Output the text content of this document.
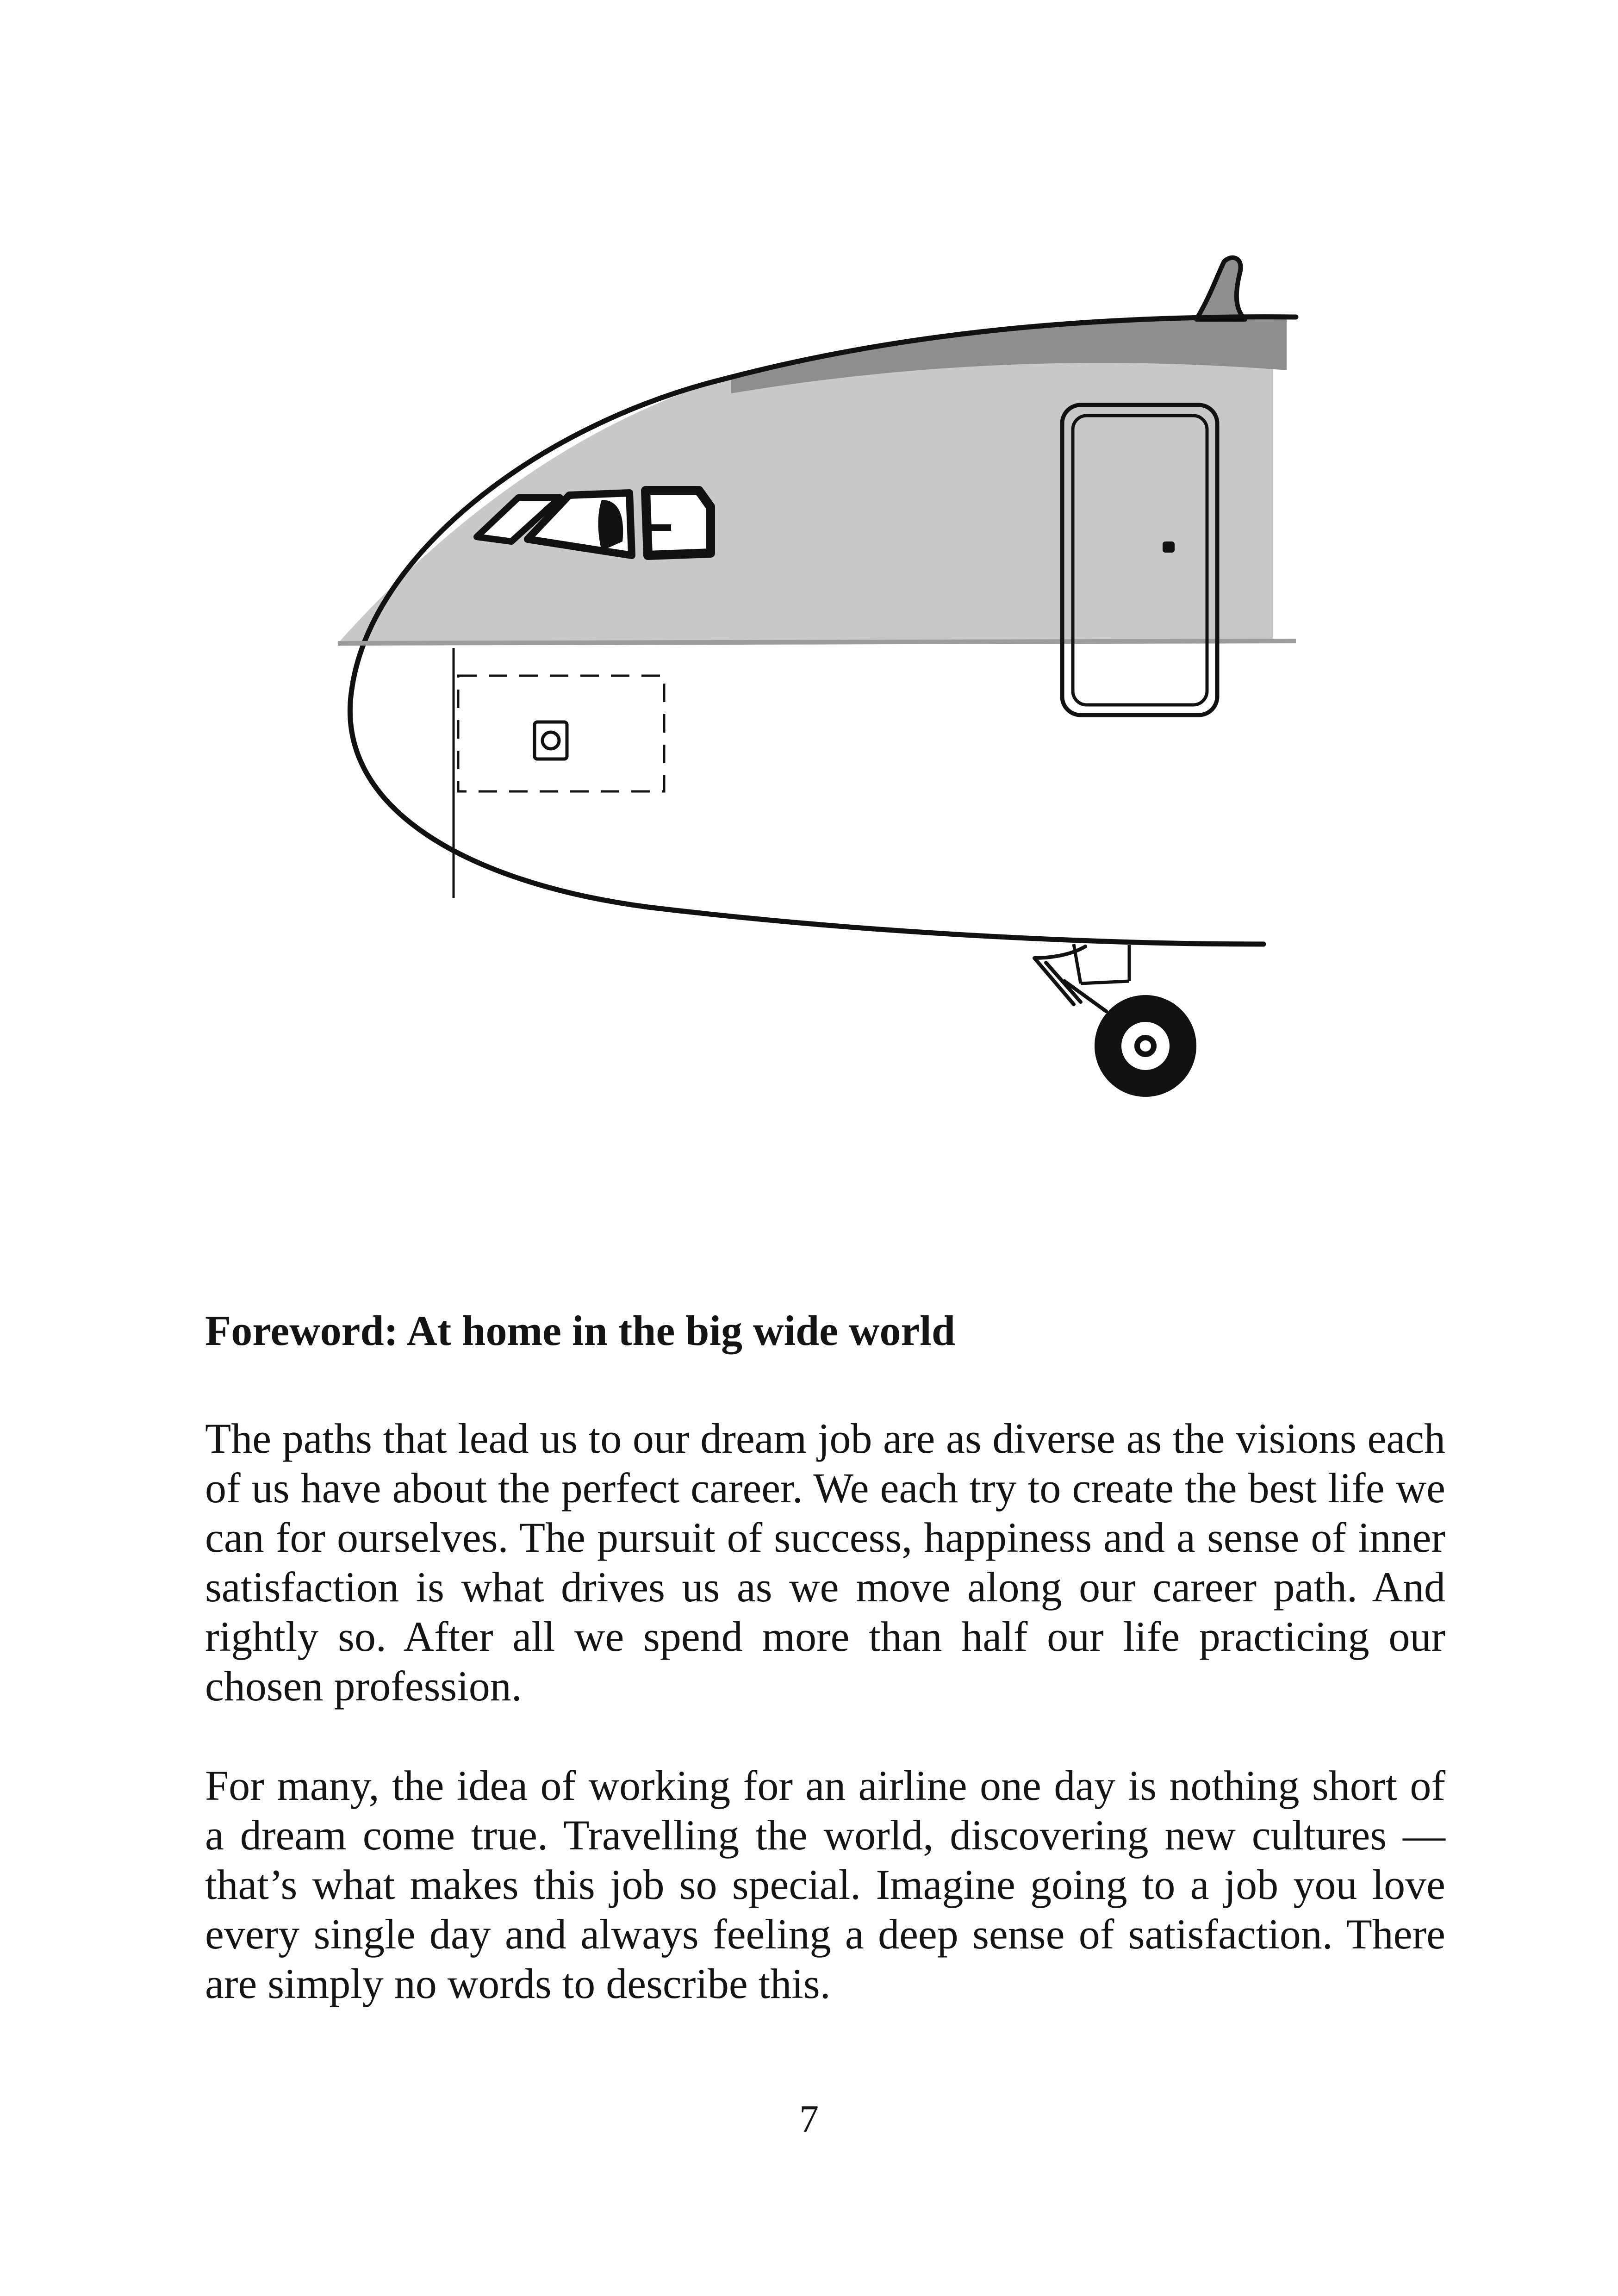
Foreword: At home in the big wide world

The paths that lead us to our dream job are as diverse as the visions each of us have about the perfect career. We each try to create the best life we can for ourselves. The pursuit of success, happiness and a sense of inner satisfaction is what drives us as we move along our career path. And rightly so. After all we spend more than half our life practicing our chosen profession.

For many, the idea of working for an airline one day is nothing short of a dream come true. Travelling the world, discovering new cultures — that’s what makes this job so special. Imagine going to a job you love every single day and always feeling a deep sense of satisfaction. There are simply no words to describe this.

7
